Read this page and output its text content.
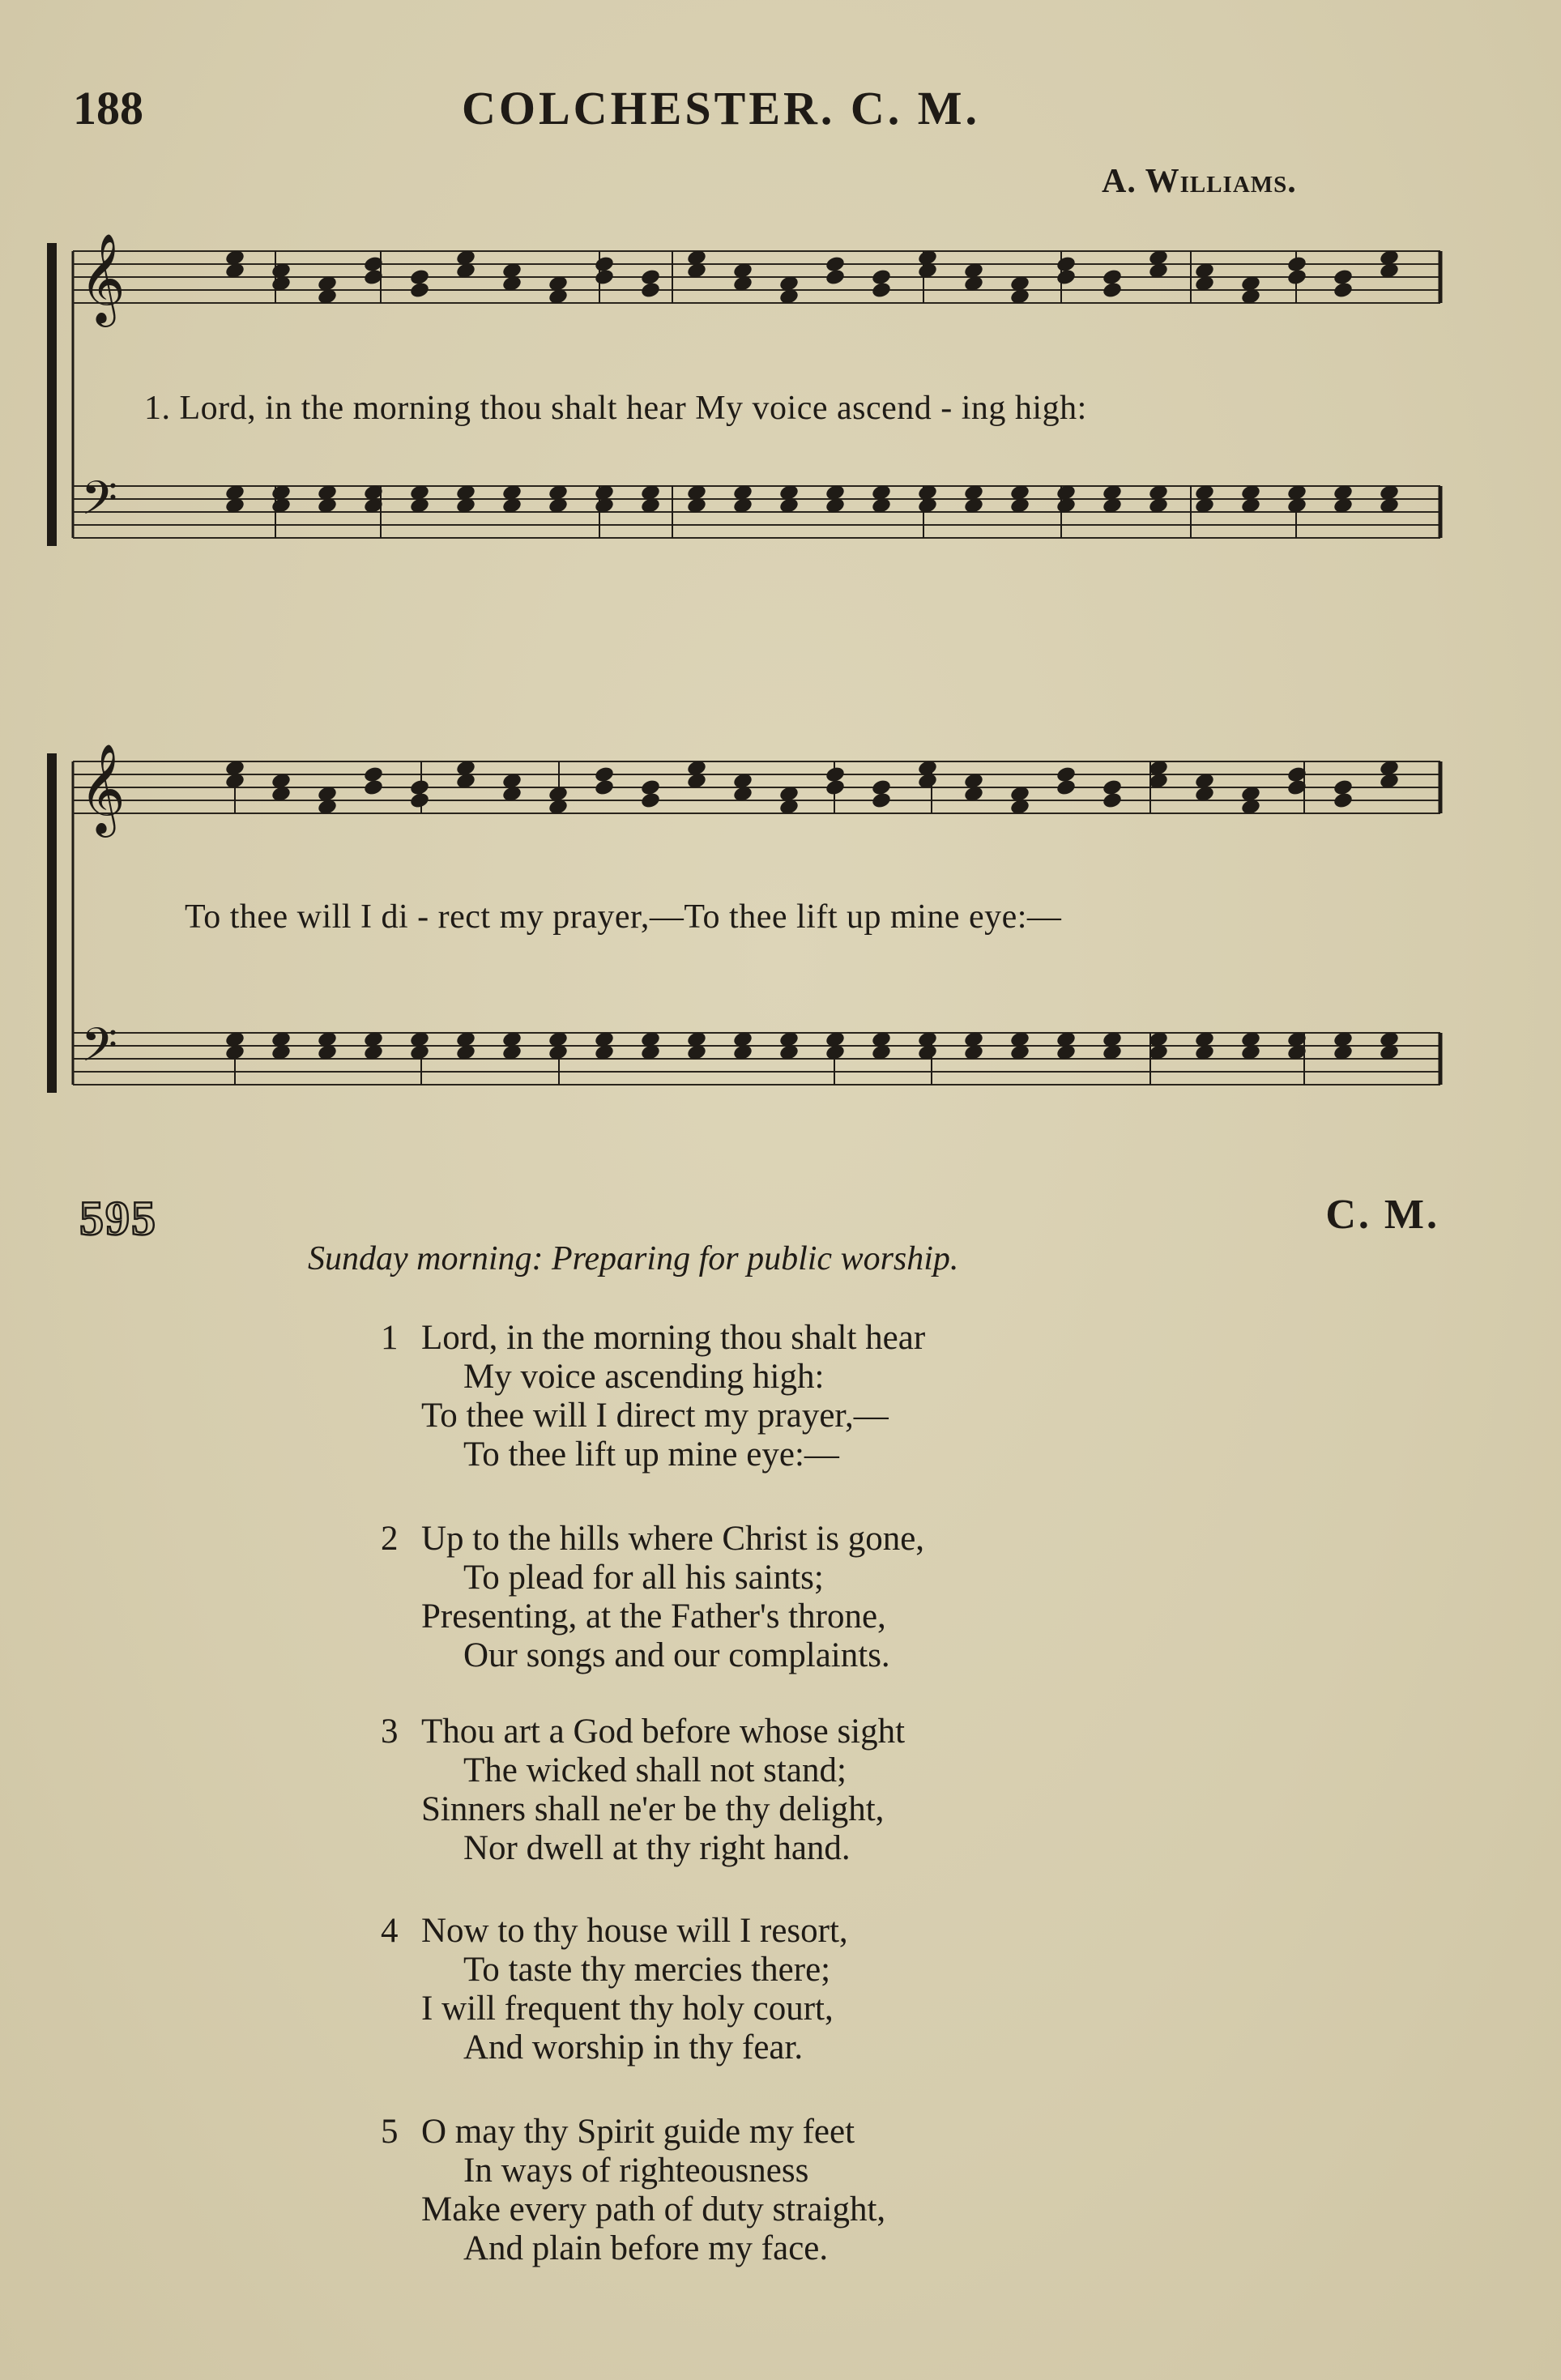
188	COLCHESTER. C. M.
A. Williams.
𝄞
𝄢
1. Lord, in the morning thou shalt hear My voice ascend - ing high:
𝄞
𝄢
To thee will I di - rect my prayer,—To thee lift up mine eye:—
595	C. M.
Sunday morning: Preparing for public worship.
1 Lord, in the morning thou shalt hear
My voice ascending high:
To thee will I direct my prayer,—
To thee lift up mine eye:—
2 Up to the hills where Christ is gone,
To plead for all his saints;
Presenting, at the Father's throne,
Our songs and our complaints.
3 Thou art a God before whose sight
The wicked shall not stand;
Sinners shall ne'er be thy delight,
Nor dwell at thy right hand.
4 Now to thy house will I resort,
To taste thy mercies there;
I will frequent thy holy court,
And worship in thy fear.
5 O may thy Spirit guide my feet
In ways of righteousness
Make every path of duty straight,
And plain before my face.
